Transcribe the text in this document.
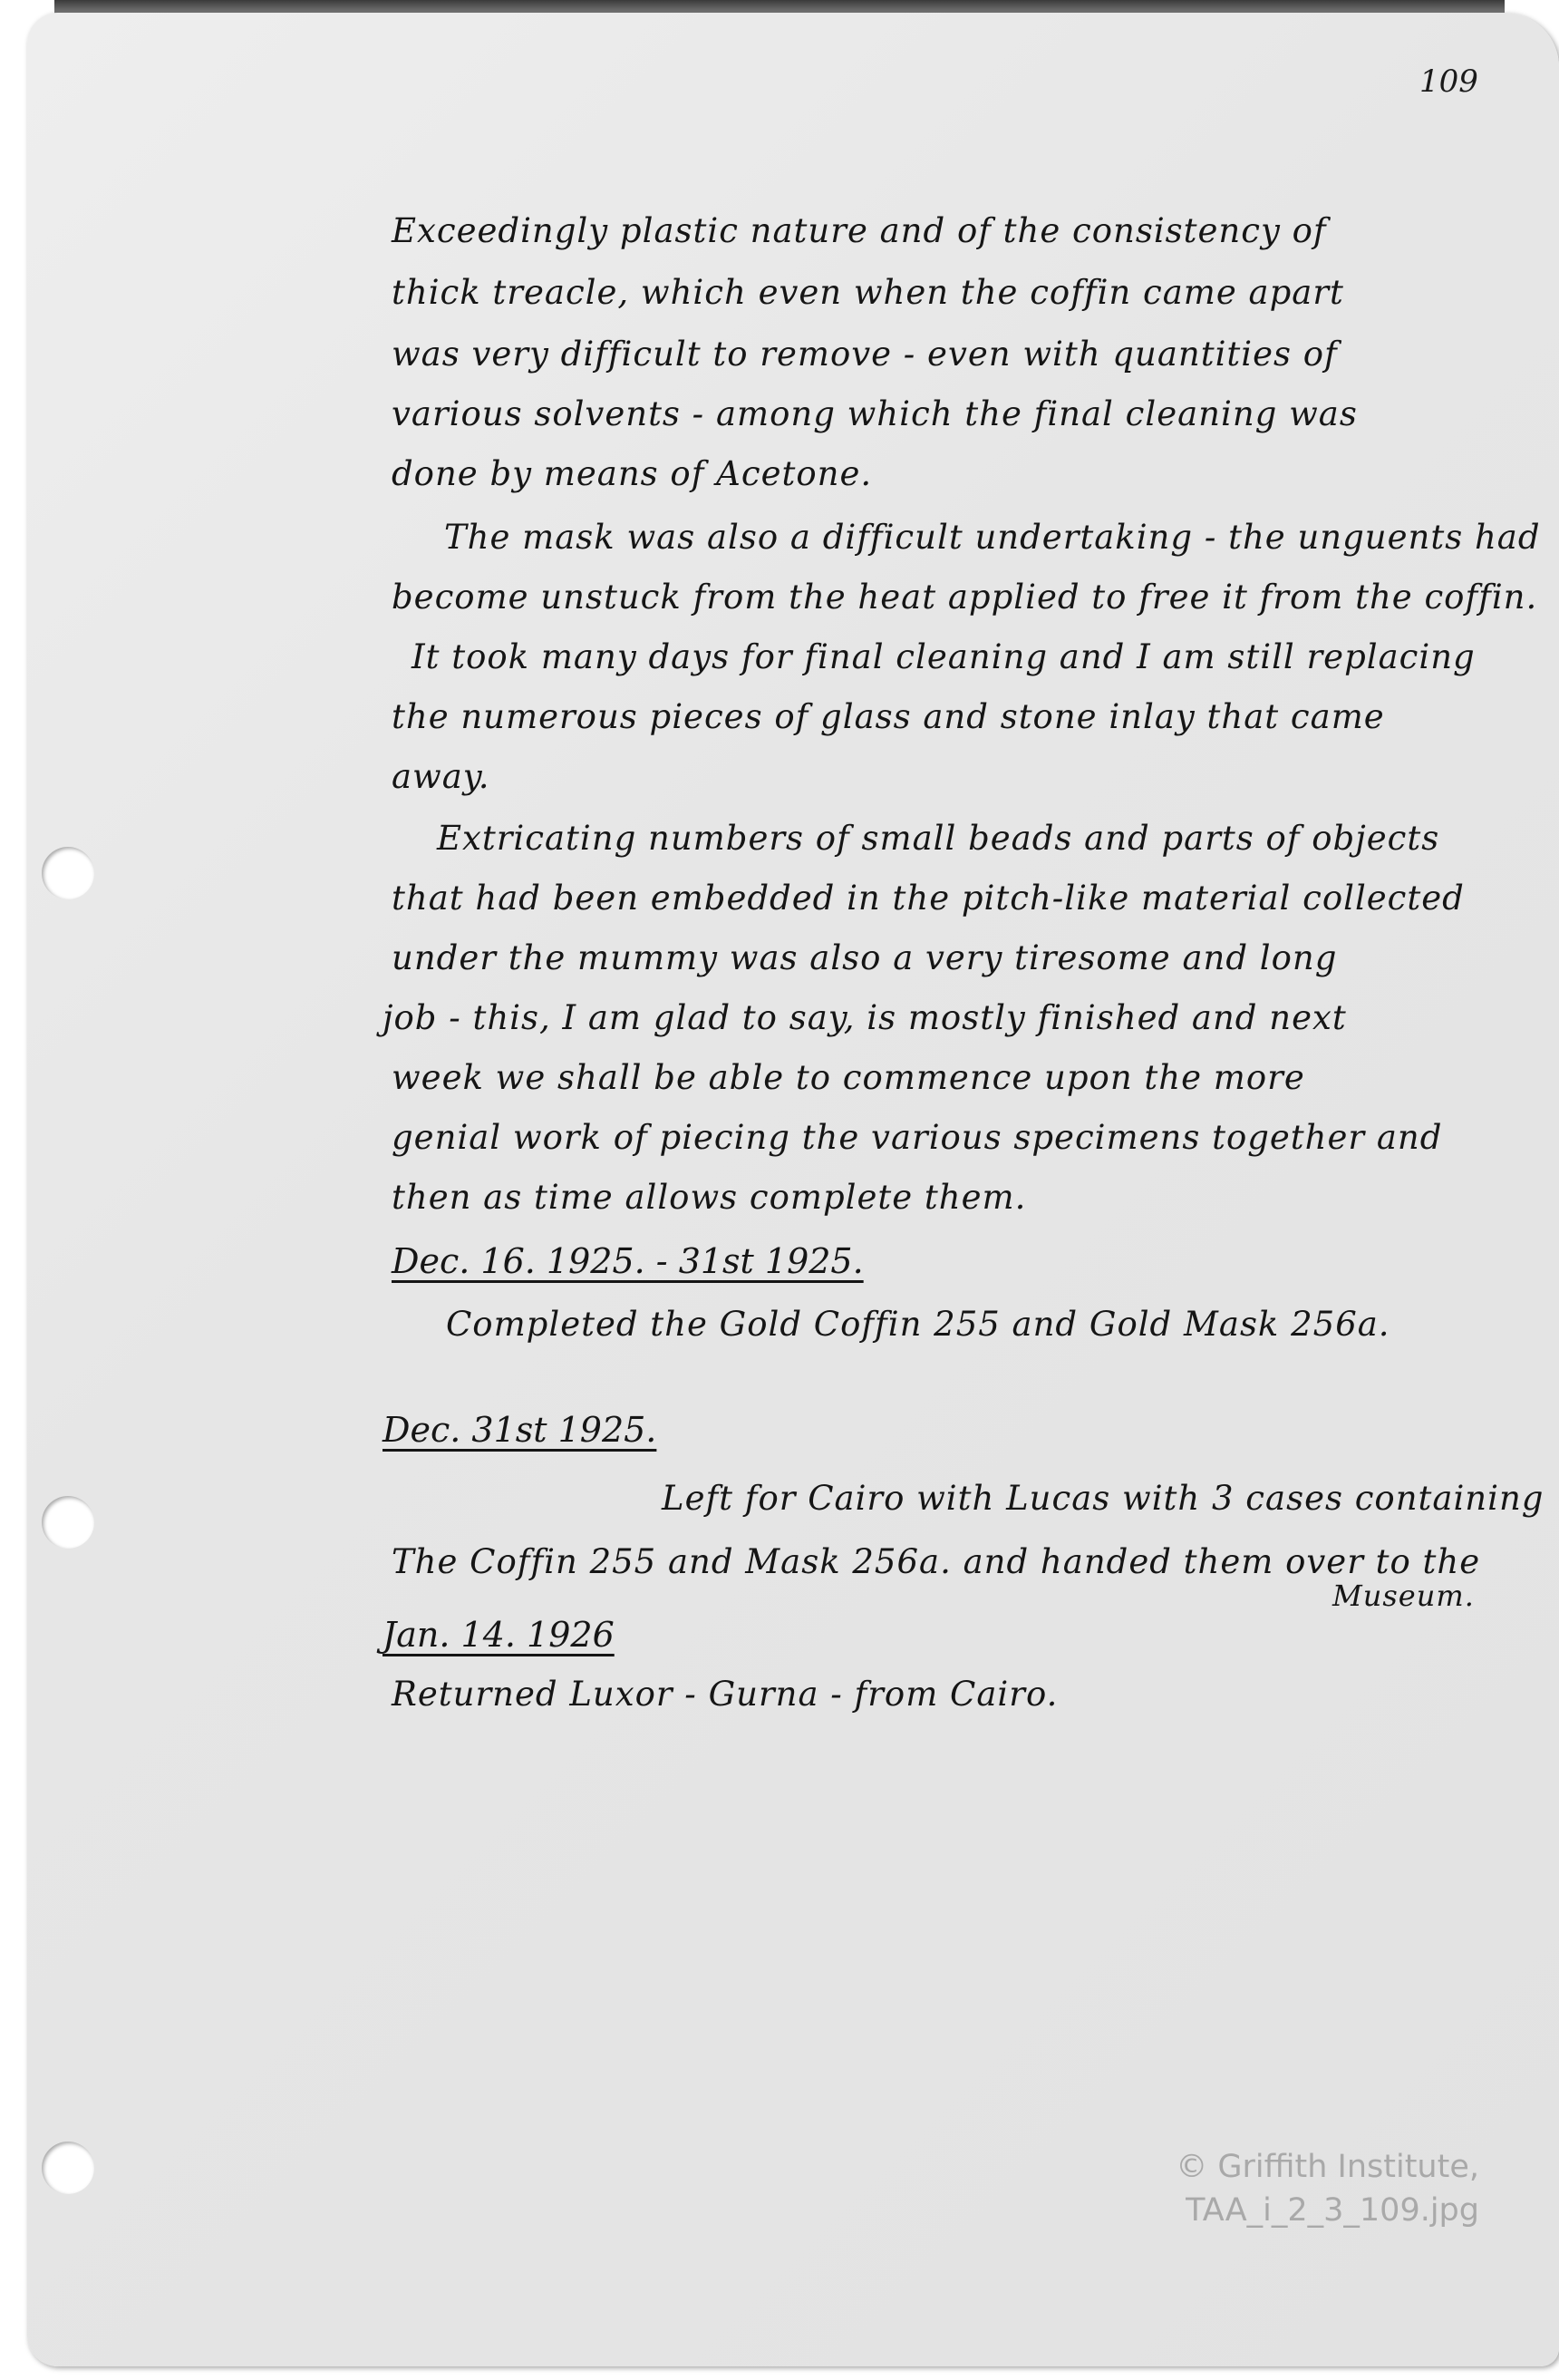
109

Exceedingly plastic nature and of the consistency of

thick treacle, which even when the coffin came apart

was very difficult to remove - even with quantities of

various solvents - among which the final cleaning was

done by means of Acetone.

The mask was also a difficult undertaking - the unguents had

become unstuck from the heat applied to free it from the coffin.

It took many days for final cleaning and I am still replacing

the numerous pieces of glass and stone inlay that came

away.

Extricating numbers of small beads and parts of objects

that had been embedded in the pitch-like material collected

under the mummy was also a very tiresome and long

job - this, I am glad to say, is mostly finished and next

week we shall be able to commence upon the more

genial work of piecing the various specimens together and

then as time allows complete them.

Dec. 16. 1925. - 31st 1925.

Completed the Gold Coffin 255 and Gold Mask 256a.

Dec. 31st 1925.

Left for Cairo with Lucas with 3 cases containing

The Coffin 255 and Mask 256a. and handed them over to the

Museum.

Jan. 14. 1926

Returned Luxor - Gurna - from Cairo.

© Griffith Institute,
TAA_i_2_3_109.jpg
